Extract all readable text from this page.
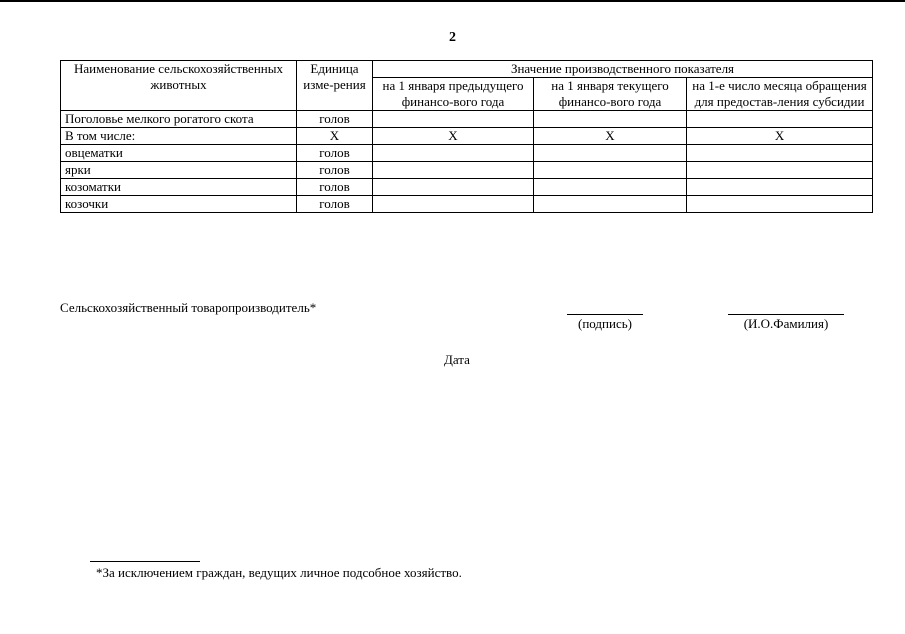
2
Наименование сельскохозяйственных животных	Единица изме-рения	Значение производственного показателя		
		на 1 января предыдущего финансо-вого года	на 1 января текущего финансо-вого года	на 1-е число месяца обращения для предостав-ления субсидии
Поголовье мелкого рогатого скота	голов			
В том числе:	X	X	X	X
овцематки	голов			
ярки	голов			
козоматки	голов			
козочки	голов			
Сельскохозяйственный товаропроизводитель*
(подпись)	(И.О.Фамилия)
Дата
*За исключением граждан, ведущих личное подсобное хозяйство.
